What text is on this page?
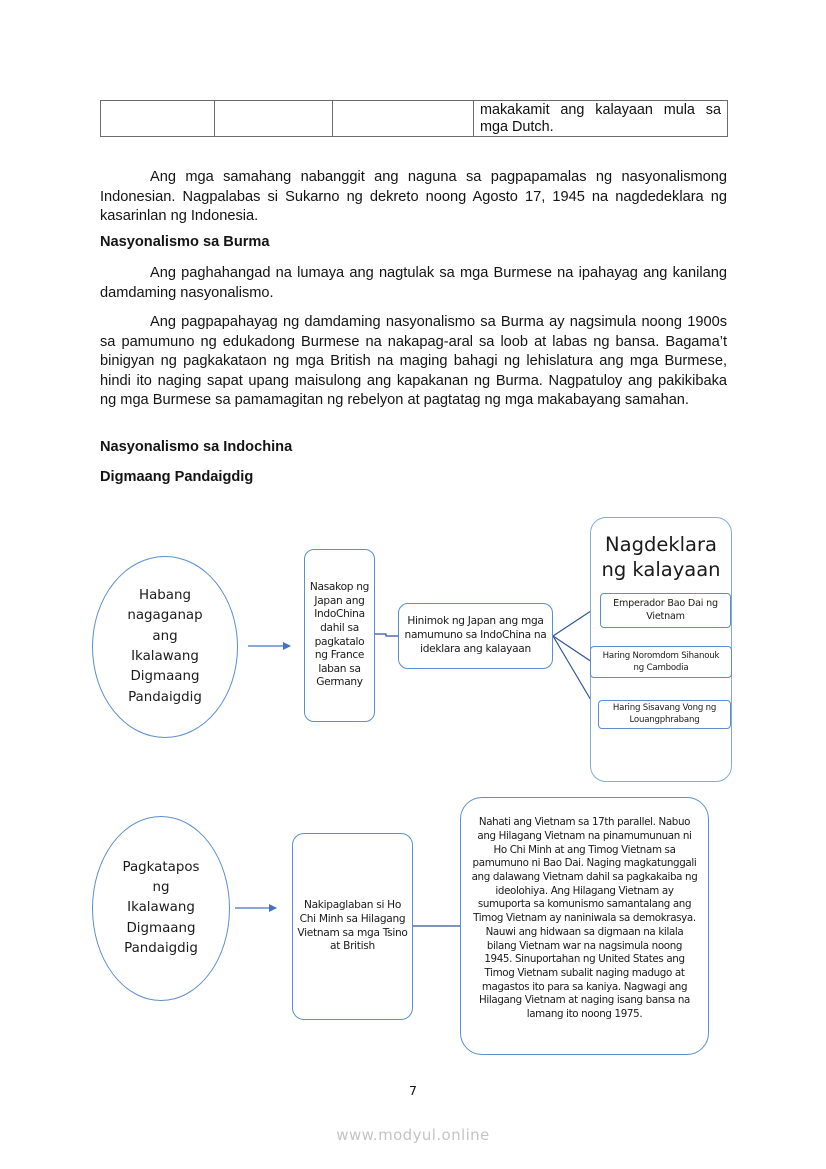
			makakamit ang kalayaan mula sa mga Dutch.
Ang mga samahang nabanggit ang naguna sa pagpapamalas ng nasyonalismong Indonesian. Nagpalabas si Sukarno ng dekreto noong Agosto 17, 1945 na nagdedeklara ng kasarinlan ng Indonesia.
Nasyonalismo sa Burma
Ang paghahangad na lumaya ang nagtulak sa mga Burmese na ipahayag ang kanilang damdaming nasyonalismo.
Ang pagpapahayag ng damdaming nasyonalismo sa Burma ay nagsimula noong 1900s sa pamumuno ng edukadong Burmese na nakapag-aral sa loob at labas ng bansa. Bagama’t binigyan ng pagkakataon ng mga British na maging bahagi ng lehislatura ang mga Burmese, hindi ito naging sapat upang maisulong ang kapakanan ng Burma. Nagpatuloy ang pakikibaka ng mga Burmese sa pamamagitan ng rebelyon at pagtatag ng mga makabayang samahan.
Nasyonalismo sa Indochina
Digmaang Pandaigdig
Habang
nagaganap
ang
Ikalawang
Digmaang
Pandaigdig
Nasakop ng
Japan ang
IndoChina
dahil sa
pagkatalo
ng France
laban sa
Germany
Hinimok ng Japan ang mga
namumuno sa IndoChina na
ideklara ang kalayaan
Nagdeklara
ng kalayaan
Emperador Bao Dai ng
Vietnam
Haring Noromdom Sihanouk
ng Cambodia
Haring Sisavang Vong ng
Louangphrabang
Pagkatapos
ng
Ikalawang
Digmaang
Pandaigdig
Nakipaglaban si Ho
Chi Minh sa Hilagang
Vietnam sa mga Tsino
at British
Nahati ang Vietnam sa 17th parallel. Nabuo
ang Hilagang Vietnam na pinamumunuan ni
Ho Chi Minh at ang Timog Vietnam sa
pamumuno ni Bao Dai. Naging magkatunggali
ang dalawang Vietnam dahil sa pagkakaiba ng
ideolohiya. Ang Hilagang Vietnam ay
sumuporta sa komunismo samantalang ang
Timog Vietnam ay naniniwala sa demokrasya.
Nauwi ang hidwaan sa digmaan na kilala
bilang Vietnam war na nagsimula noong
1945. Sinuportahan ng United States ang
Timog Vietnam subalit naging madugo at
magastos ito para sa kaniya. Nagwagi ang
Hilagang Vietnam at naging isang bansa na
lamang ito noong 1975.
7
www.modyul.online
